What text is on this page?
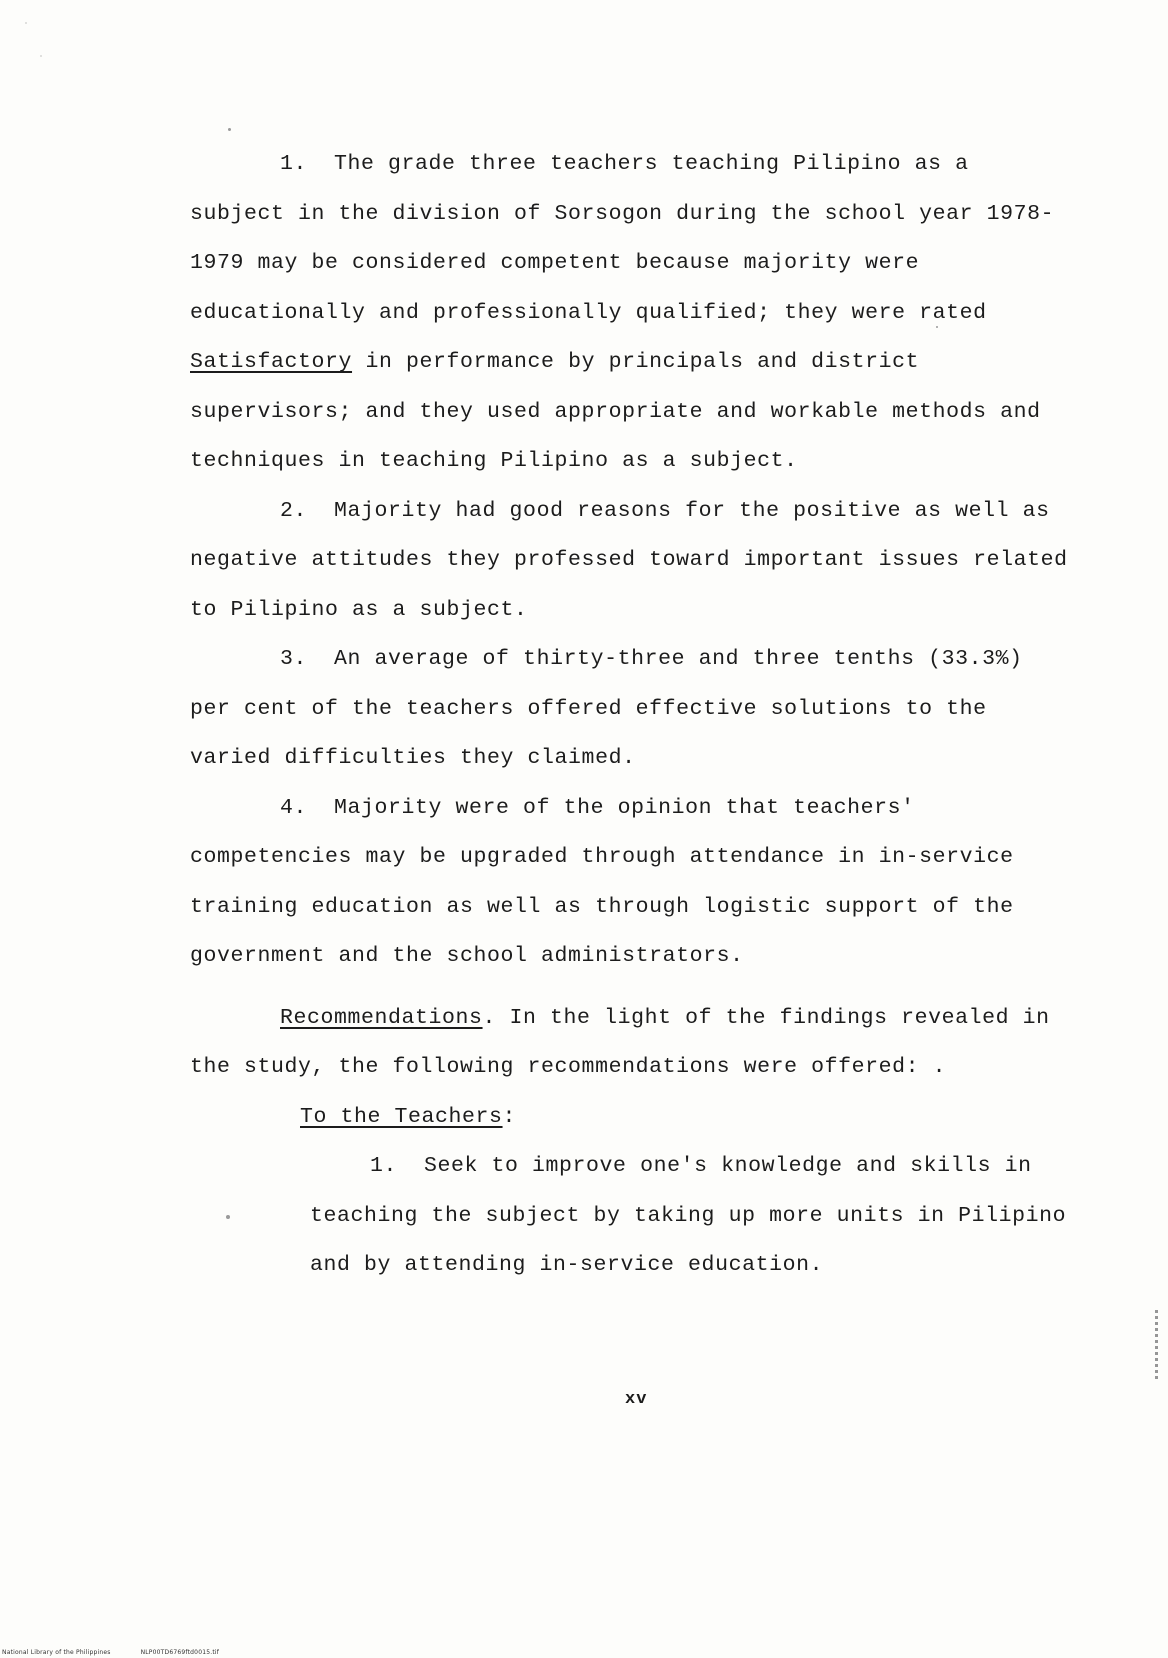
1. The grade three teachers teaching Pilipino as a subject in the division of Sorsogon during the school year 1978-1979 may be considered competent because majority were educationally and professionally qualified; they were rated Satisfactory in performance by principals and district supervisors; and they used appropriate and workable methods and techniques in teaching Pilipino as a subject.

2. Majority had good reasons for the positive as well as negative attitudes they professed toward important issues related to Pilipino as a subject.

3. An average of thirty-three and three tenths (33.3%) per cent of the teachers offered effective solutions to the varied difficulties they claimed.

4. Majority were of the opinion that teachers' competencies may be upgraded through attendance in in-service training education as well as through logistic support of the government and the school administrators.

Recommendations. In the light of the findings revealed in the study, the following recommendations were offered: .

To the Teachers:

1. Seek to improve one's knowledge and skills in teaching the subject by taking up more units in Pilipino and by attending in-service education.

xv
National Library of the Philippines	NLP00TD6769ftd0015.tif
